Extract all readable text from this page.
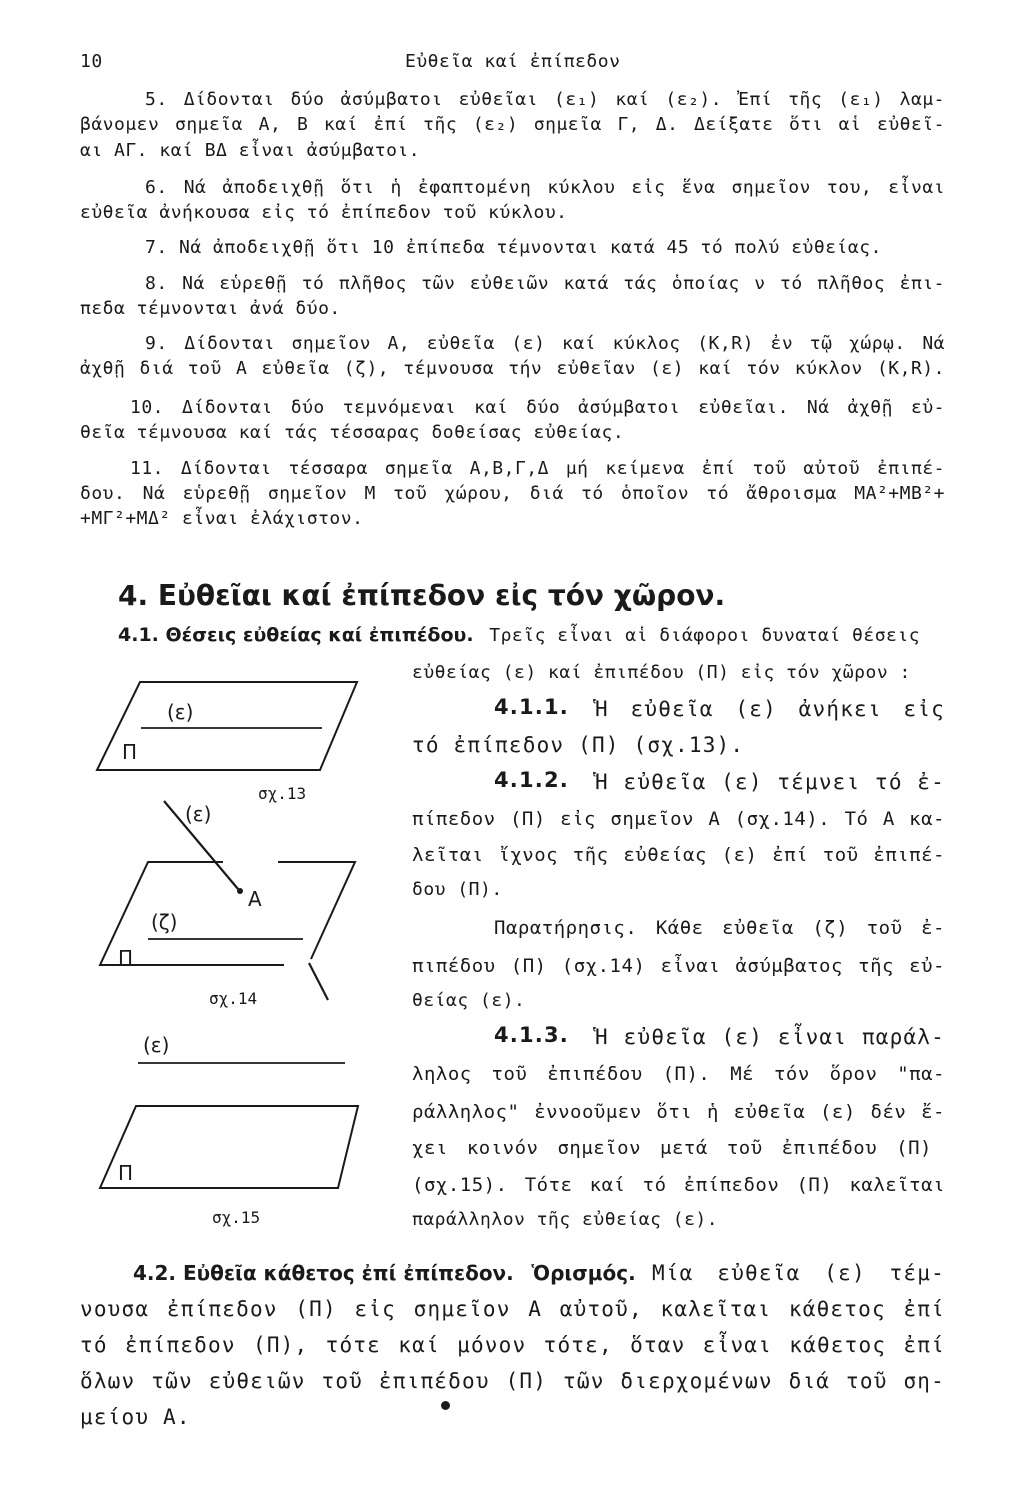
10	Εὐθεῖα καί ἐπίπεδον
5. Δίδονται δύο ἀσύμβατοι εὐθεῖαι (ε₁) καί (ε₂). Ἐπί τῆς (ε₁) λαμ-
βάνομεν σημεῖα Α, Β καί ἐπί τῆς (ε₂) σημεῖα Γ, Δ. Δείξατε ὅτι αἱ εὐθεῖ-
αι ΑΓ. καί ΒΔ εἶναι ἀσύμβατοι.
6. Νά ἀποδειχθῇ ὅτι ἡ ἐφαπτομένη κύκλου εἰς ἕνα σημεῖον του, εἶναι
εὐθεῖα ἀνήκουσα εἰς τό ἐπίπεδον τοῦ κύκλου.
7. Νά ἀποδειχθῇ ὅτι 10 ἐπίπεδα τέμνονται κατά 45 τό πολύ εὐθείας.
8. Νά εὑρεθῇ τό πλῆθος τῶν εὐθειῶν κατά τάς ὁποίας ν τό πλῆθος ἐπι-
πεδα τέμνονται ἀνά δύο.
9. Δίδονται σημεῖον Α, εὐθεῖα (ε) καί κύκλος (Κ,R) ἐν τῷ χώρῳ. Νά
ἀχθῇ διά τοῦ Α εὐθεῖα (ζ), τέμνουσα τήν εὐθεῖαν (ε) καί τόν κύκλον (Κ,R).
10. Δίδονται δύο τεμνόμεναι καί δύο ἀσύμβατοι εὐθεῖαι. Νά ἀχθῇ εὐ-
θεῖα τέμνουσα καί τάς τέσσαρας δοθείσας εὐθείας.
11. Δίδονται τέσσαρα σημεῖα Α,Β,Γ,Δ μή κείμενα ἐπί τοῦ αὐτοῦ ἐπιπέ-
δου. Νά εὑρεθῇ σημεῖον Μ τοῦ χώρου, διά τό ὁποῖον τό ἄθροισμα ΜΑ²+ΜΒ²+
+ΜΓ²+ΜΔ² εἶναι ἐλάχιστον.
4. Εὐθεῖαι καί ἐπίπεδον εἰς τόν χῶρον.
4.1. Θέσεις εὐθείας καί ἐπιπέδου. Τρεῖς εἶναι αἱ διάφοροι δυναταί θέσεις
εὐθείας (ε) καί ἐπιπέδου (Π) εἰς τόν χῶρον :
4.1.1. Ἡ εὐθεῖα (ε) ἀνήκει εἰς
τό ἐπίπεδον (Π) (σχ.13).
4.1.2. Ἡ εὐθεῖα (ε) τέμνει τό ἐ-
πίπεδον (Π) εἰς σημεῖον Α (σχ.14). Τό Α κα-
λεῖται ἴχνος τῆς εὐθείας (ε) ἐπί τοῦ ἐπιπέ-
δου (Π).
Παρατήρησις. Κάθε εὐθεῖα (ζ) τοῦ ἐ-
πιπέδου (Π) (σχ.14) εἶναι ἀσύμβατος τῆς εὐ-
θείας (ε).
4.1.3. Ἡ εὐθεῖα (ε) εἶναι παράλ-
ληλος τοῦ ἐπιπέδου (Π). Μέ τόν ὅρον "πα-
ράλληλος" ἐννοοῦμεν ὅτι ἡ εὐθεῖα (ε) δέν ἔ-
χει κοινόν σημεῖον μετά τοῦ ἐπιπέδου (Π)
(σχ.15). Τότε καί τό ἐπίπεδον (Π) καλεῖται
παράλληλον τῆς εὐθείας (ε).
4.2. Εὐθεῖα κάθετος ἐπί ἐπίπεδον. Ὁρισμός. Μία εὐθεῖα (ε) τέμ-
νουσα ἐπίπεδον (Π) εἰς σημεῖον Α αὐτοῦ, καλεῖται κάθετος ἐπί
τό ἐπίπεδον (Π), τότε καί μόνον τότε, ὅταν εἶναι κάθετος ἐπί
ὅλων τῶν εὐθειῶν τοῦ ἐπιπέδου (Π) τῶν διερχομένων διά τοῦ ση-
μείου Α.
(ε)
Π
σχ.13
(ε)
Α
(ζ)
Π
σχ.14
(ε)
Π
σχ.15
